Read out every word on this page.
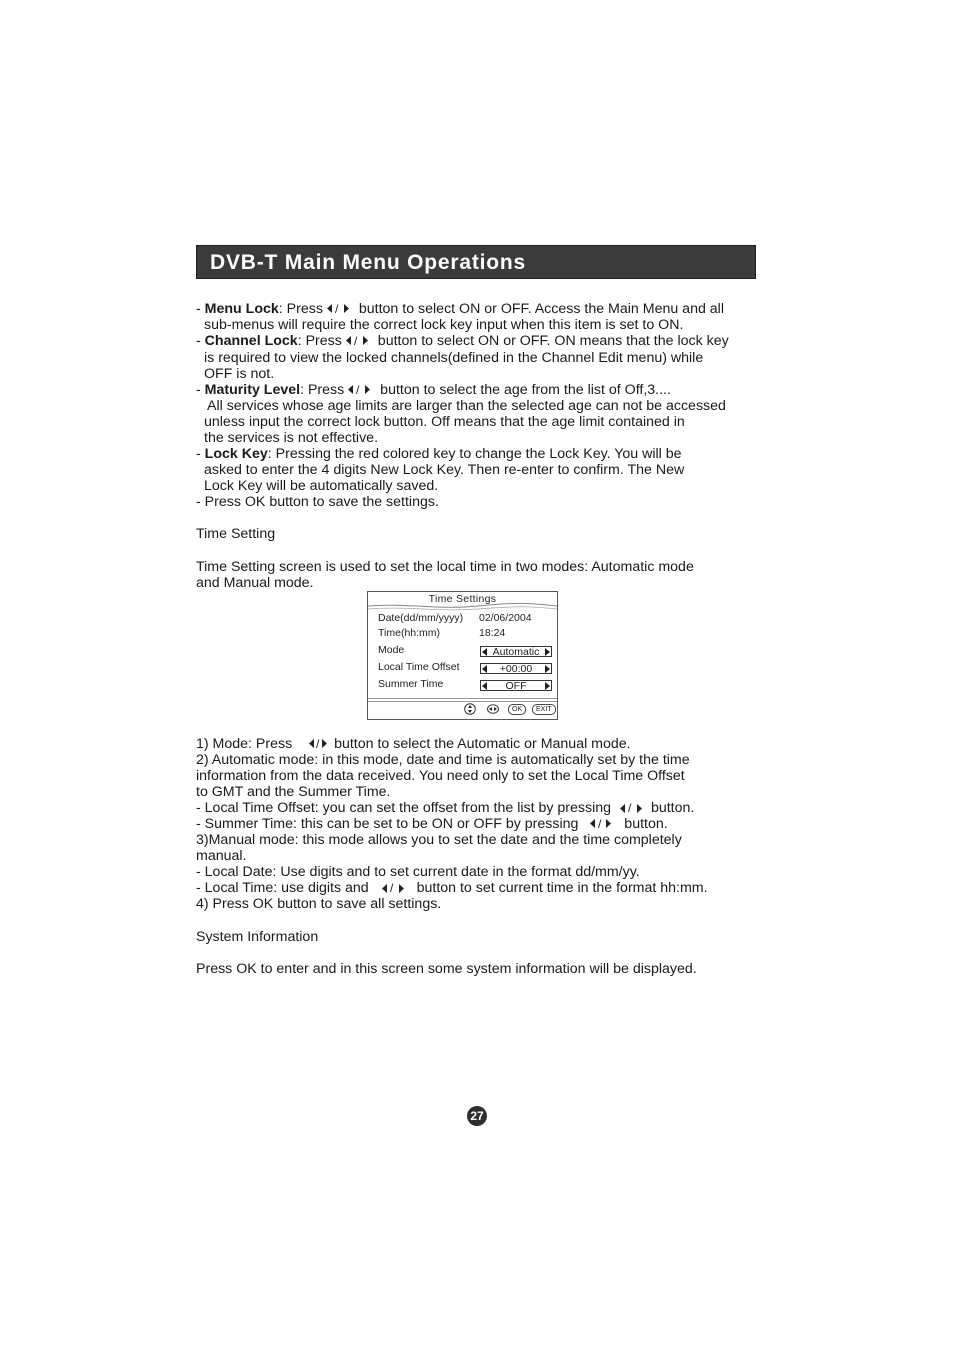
DVB-T Main Menu Operations
- Menu Lock: Press / button to select ON or OFF. Access the Main Menu and all
sub-menus will require the correct lock key input when this item is set to ON.
- Channel Lock: Press / button to select ON or OFF. ON means that the lock key
is required to view the locked channels(defined in the Channel Edit menu) while
OFF is not.
- Maturity Level: Press / button to select the age from the list of Off,3....
All services whose age limits are larger than the selected age can not be accessed
unless input the correct lock button. Off means that the age limit contained in
the services is not effective.
- Lock Key: Pressing the red colored key to change the Lock Key. You will be
asked to enter the 4 digits New Lock Key. Then re-enter to confirm. The New
Lock Key will be automatically saved.
- Press OK button to save the settings.
Time Setting
Time Setting screen is used to set the local time in two modes: Automatic mode
and Manual mode.
Time Settings
Date(dd/mm/yyyy) 02/06/2004
Time(hh:mm)	18:24
Mode	Automatic
Local Time Offset	+00:00
Summer Time	OFF
OK	EXIT
1) Mode: Press / button to select the Automatic or Manual mode.
2) Automatic mode: in this mode, date and time is automatically set by the time
information from the data received. You need only to set the Local Time Offset
to GMT and the Summer Time.
- Local Time Offset: you can set the offset from the list by pressing / button.
- Summer Time: this can be set to be ON or OFF by pressing / button.
3)Manual mode: this mode allows you to set the date and the time completely
manual.
- Local Date: Use digits and to set current date in the format dd/mm/yy.
- Local Time: use digits and / button to set current time in the format hh:mm.
4) Press OK button to save all settings.
System Information
Press OK to enter and in this screen some system information will be displayed.
27
